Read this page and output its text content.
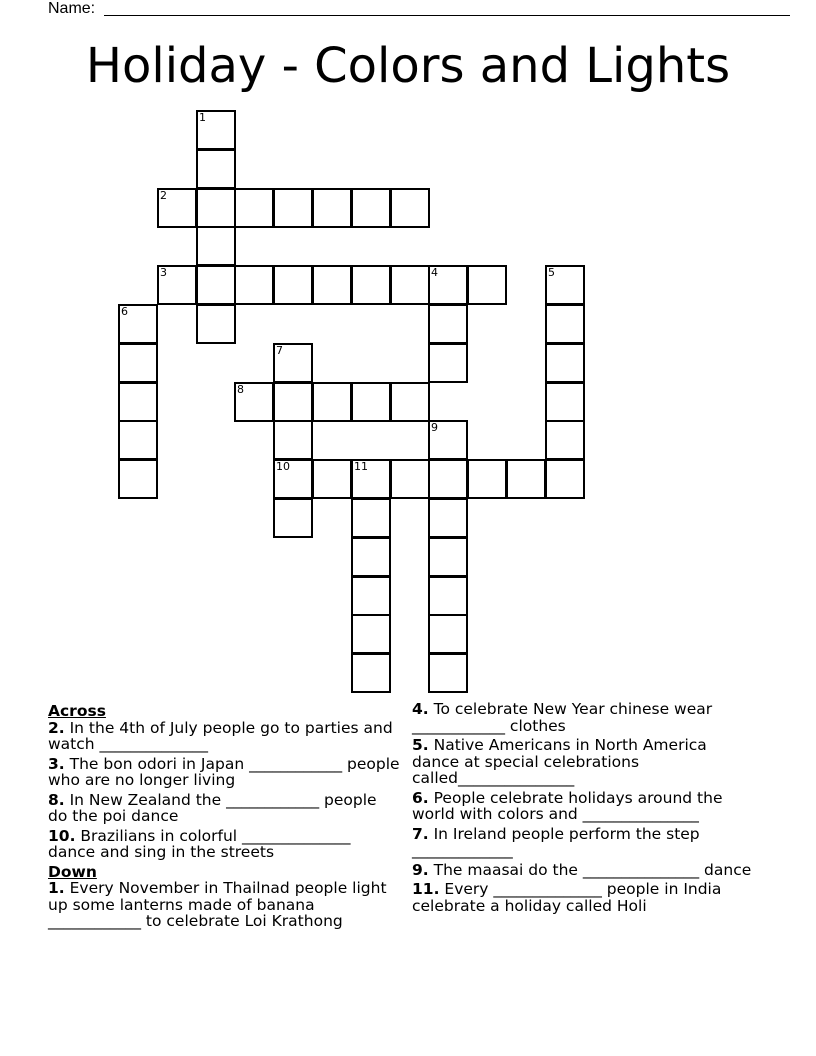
Name:
Holiday - Colors and Lights
1
2
3	4	5
6
7
10
8
9
11
Across
2. In the 4th of July people go to parties and watch ______________
3. The bon odori in Japan ____________ people who are no longer living
8. In New Zealand the ____________ people do the poi dance
10. Brazilians in colorful ______________ dance and sing in the streets
Down
1. Every November in Thailnad people light up some lanterns made of banana ____________ to celebrate Loi Krathong
4. To celebrate New Year chinese wear ____________ clothes
5. Native Americans in North America dance at special celebrations called_______________
6. People celebrate holidays around the world with colors and _______________
7. In Ireland people perform the step _____________
9. The maasai do the _______________ dance
11. Every ______________ people in India celebrate a holiday called Holi
